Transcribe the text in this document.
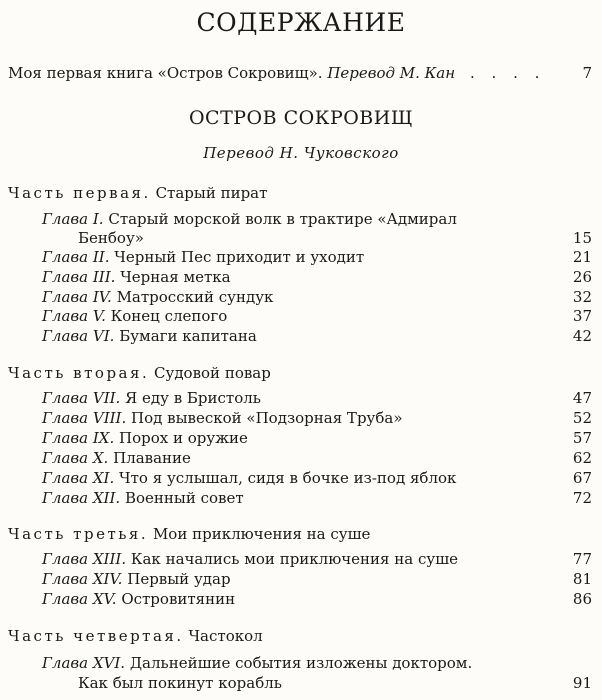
СОДЕРЖАНИЕ
Моя первая книга «Остров Сокровищ». Перевод М. Кан . . . .	7
ОСТРОВ СОКРОВИЩ
Перевод Н. Чуковского
Часть первая. Старый пират
Глава I. Старый морской волк в трактире «Адмирал
Бенбоу»	15
Глава II. Черный Пес приходит и уходит	21
Глава III. Черная метка	26
Глава IV. Матросский сундук	32
Глава V. Конец слепого	37
Глава VI. Бумаги капитана	42
Часть вторая. Судовой повар
Глава VII. Я еду в Бристоль	47
Глава VIII. Под вывеской «Подзорная Труба»	52
Глава IX. Порох и оружие	57
Глава X. Плавание	62
Глава XI. Что я услышал, сидя в бочке из-под яблок	67
Глава XII. Военный совет	72
Часть третья. Мои приключения на суше
Глава XIII. Как начались мои приключения на суше	77
Глава XIV. Первый удар	81
Глава XV. Островитянин	86
Часть четвертая. Частокол
Глава XVI. Дальнейшие события изложены доктором.
Как был покинут корабль	91
